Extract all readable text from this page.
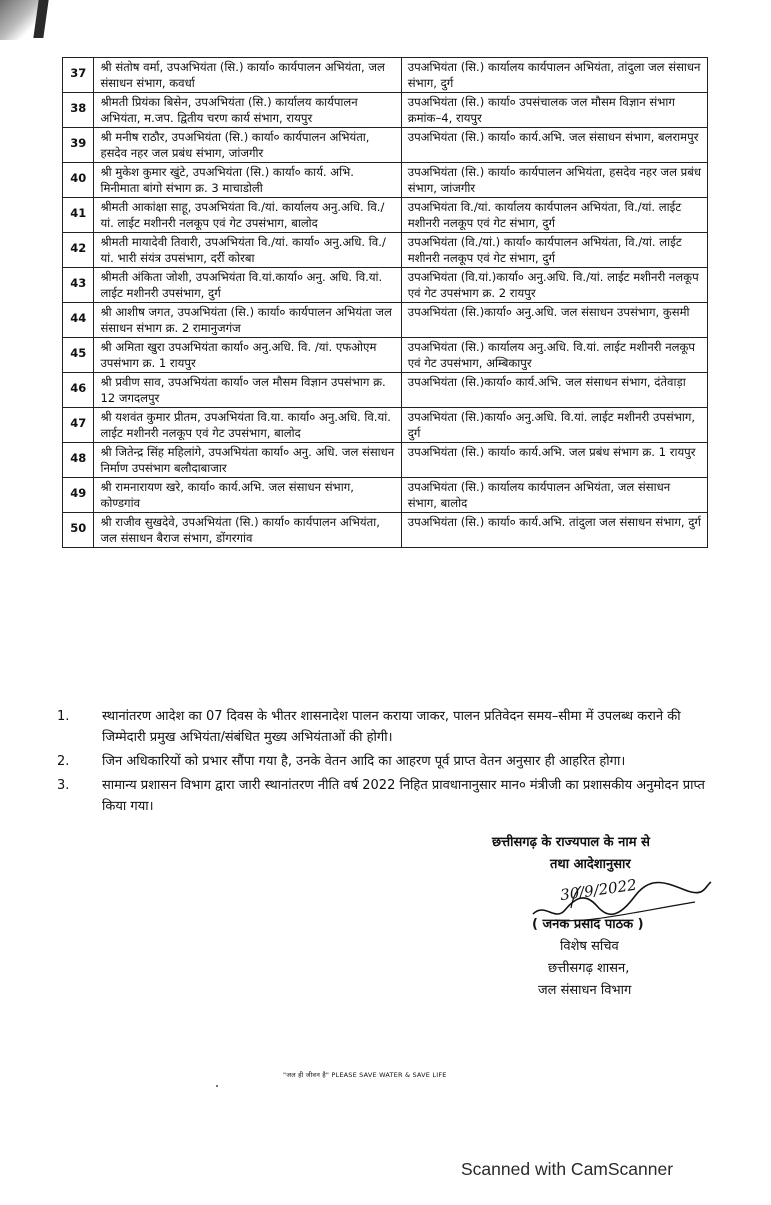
37	श्री संतोष वर्मा, उपअभियंता (सि.) कार्या० कार्यपालन अभियंता, जल संसाधन संभाग, कवर्धा	उपअभियंता (सि.) कार्यालय कार्यपालन अभियंता, तांदुला जल संसाधन संभाग, दुर्ग
38	श्रीमती प्रियंका बिसेन, उपअभियंता (सि.) कार्यालय कार्यपालन अभियंता, म.जप. द्वितीय चरण कार्य संभाग, रायपुर	उपअभियंता (सि.) कार्या० उपसंचालक जल मौसम विज्ञान संभाग क्रमांक–4, रायपुर
39	श्री मनीष राठौर, उपअभियंता (सि.) कार्या० कार्यपालन अभियंता, हसदेव नहर जल प्रबंध संभाग, जांजगीर	उपअभियंता (सि.) कार्या० कार्य.अभि. जल संसाधन संभाग, बलरामपुर
40	श्री मुकेश कुमार खुंटे, उपअभियंता (सि.) कार्या० कार्य. अभि. मिनीमाता बांगो संभाग क्र. 3 माचाडोली	उपअभियंता (सि.) कार्या० कार्यपालन अभियंता, हसदेव नहर जल प्रबंध संभाग, जांजगीर
41	श्रीमती आकांक्षा साहू, उपअभियंता वि./यां. कार्यालय अनु.अधि. वि./यां. लाईट मशीनरी नलकूप एवं गेट उपसंभाग, बालोद	उपअभियंता वि./यां. कार्यालय कार्यपालन अभियंता, वि./यां. लाईट मशीनरी नलकूप एवं गेट संभाग, दुर्ग
42	श्रीमती मायादेवी तिवारी, उपअभियंता वि./यां. कार्या० अनु.अधि. वि./ यां. भारी संयंत्र उपसंभाग, दर्री कोरबा	उपअभियंता (वि./यां.) कार्या० कार्यपालन अभियंता, वि./यां. लाईट मशीनरी नलकूप एवं गेट संभाग, दुर्ग
43	श्रीमती अंकिता जोशी, उपअभियंता वि.यां.कार्या० अनु. अधि. वि.यां. लाईट मशीनरी उपसंभाग, दुर्ग	उपअभियंता (वि.यां.)कार्या० अनु.अधि. वि./यां. लाईट मशीनरी नलकूप एवं गेट उपसंभाग क्र. 2 रायपुर
44	श्री आशीष जगत, उपअभियंता (सि.) कार्या० कार्यपालन अभियंता जल संसाधन संभाग क्र. 2 रामानुजगंज	उपअभियंता (सि.)कार्या० अनु.अधि. जल संसाधन उपसंभाग, कुसमी
45	श्री अमिता खुरा उपअभियंता कार्या० अनु.अधि. वि. /यां. एफओएम उपसंभाग क्र. 1 रायपुर	उपअभियंता (सि.) कार्यालय अनु.अधि. वि.यां. लाईट मशीनरी नलकूप एवं गेट उपसंभाग, अम्बिकापुर
46	श्री प्रवीण साव, उपअभियंता कार्या० जल मौसम विज्ञान उपसंभाग क्र. 12 जगदलपुर	उपअभियंता (सि.)कार्या० कार्य.अभि. जल संसाधन संभाग, दंतेवाड़ा
47	श्री यशवंत कुमार प्रीतम, उपअभियंता वि.या. कार्या० अनु.अधि. वि.यां. लाईट मशीनरी नलकूप एवं गेट उपसंभाग, बालोद	उपअभियंता (सि.)कार्या० अनु.अधि. वि.यां. लाईट मशीनरी उपसंभाग, दुर्ग
48	श्री जितेन्द्र सिंह महिलांगे, उपअभियंता कार्या० अनु. अधि. जल संसाधन निर्माण उपसंभाग बलौदाबाजार	उपअभियंता (सि.) कार्या० कार्य.अभि. जल प्रबंध संभाग क्र. 1 रायपुर
49	श्री रामनारायण खरे, कार्या० कार्य.अभि. जल संसाधन संभाग, कोण्डगांव	उपअभियंता (सि.) कार्यालय कार्यपालन अभियंता, जल संसाधन संभाग, बालोद
50	श्री राजीव सुखदेवे, उपअभियंता (सि.) कार्या० कार्यपालन अभियंता, जल संसाधन बैराज संभाग, डोंगरगांव	उपअभियंता (सि.) कार्या० कार्य.अभि. तांदुला जल संसाधन संभाग, दुर्ग
1.	स्थानांतरण आदेश का 07 दिवस के भीतर शासनादेश पालन कराया जाकर, पालन प्रतिवेदन समय–सीमा में उपलब्ध कराने की जिम्मेदारी प्रमुख अभियंता/संबंधित मुख्य अभियंताओं की होगी।
2.	जिन अधिकारियों को प्रभार सौंपा गया है, उनके वेतन आदि का आहरण पूर्व प्राप्त वेतन अनुसार ही आहरित होगा।
3.	सामान्य प्रशासन विभाग द्वारा जारी स्थानांतरण नीति वर्ष 2022 निहित प्रावधानानुसार मान० मंत्रीजी का प्रशासकीय अनुमोदन प्राप्त किया गया।
छत्तीसगढ़ के राज्यपाल के नाम से
तथा आदेशानुसार
30/9/2022
( जनक प्रसाद पाठक )
विशेष सचिव
छत्तीसगढ़ शासन,
जल संसाधन विभाग
"जल ही जीवन है" PLEASE SAVE WATER & SAVE LIFE
Scanned with CamScanner
